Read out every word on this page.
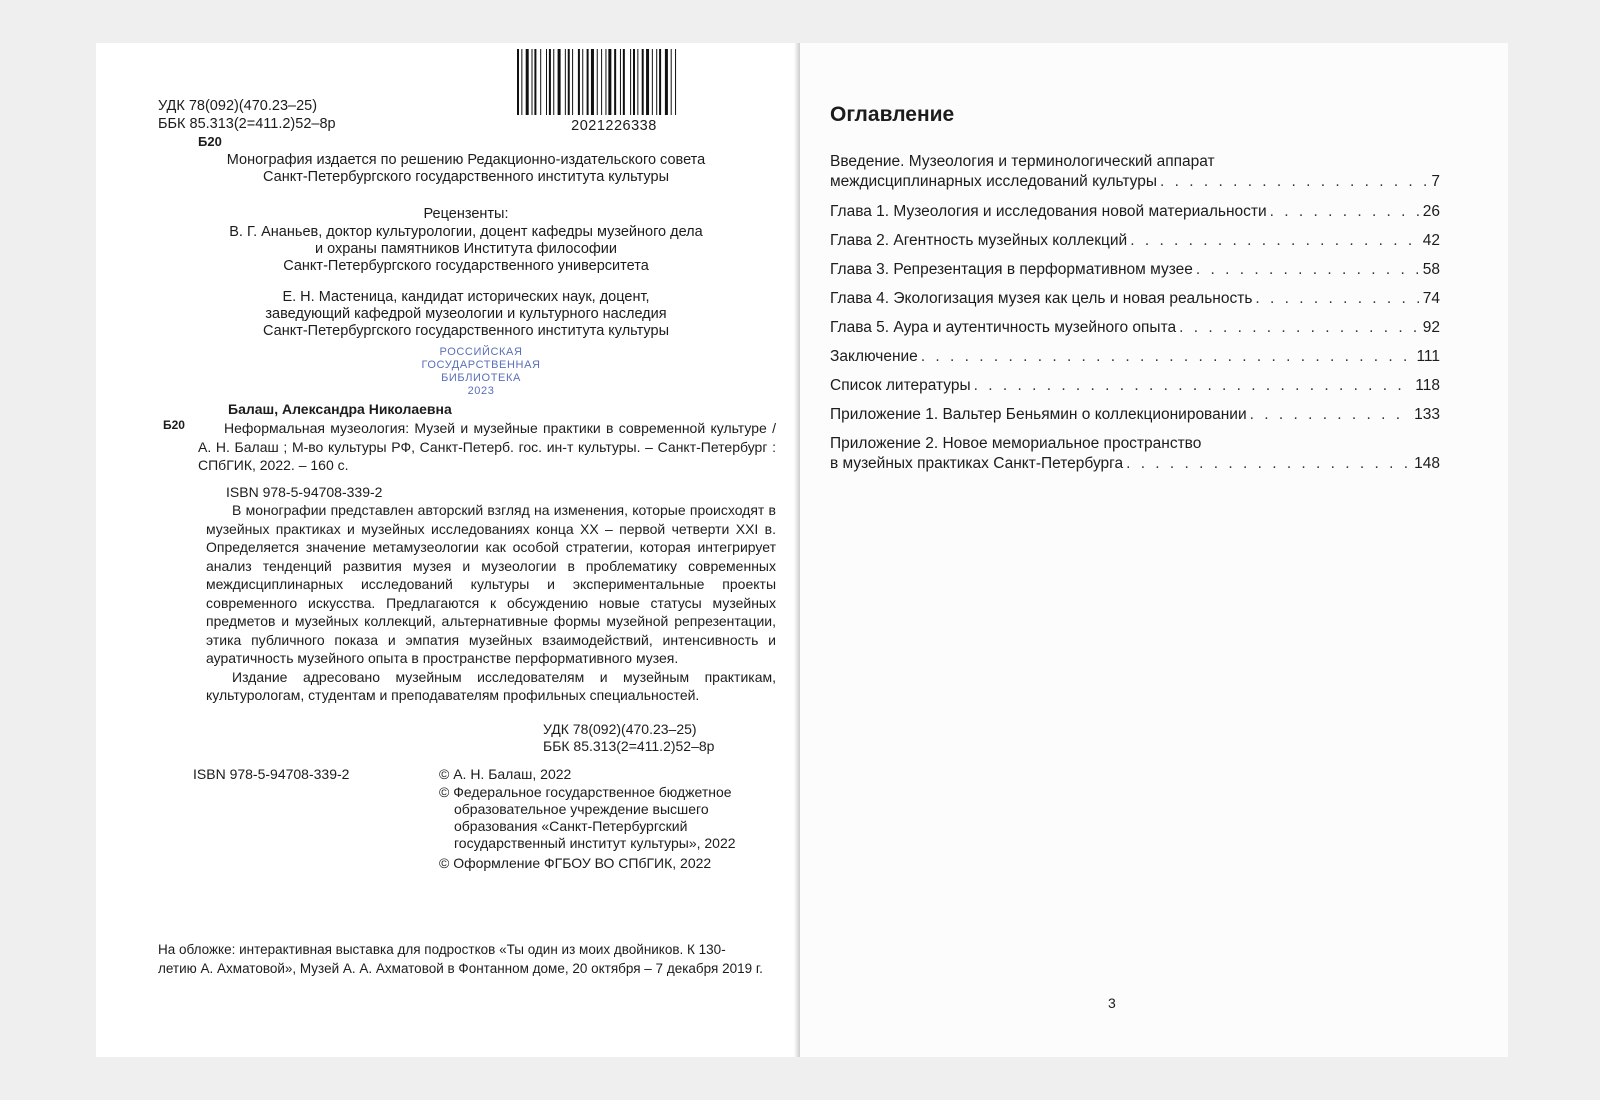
УДК 78(092)(470.23–25)
ББК 85.313(2=411.2)52–8р
Б20
2021226338
Монография издается по решению Редакционно-издательского совета
Санкт-Петербургского государственного института культуры
Рецензенты:
В. Г. Ананьев, доктор культурологии, доцент кафедры музейного дела
и охраны памятников Института философии
Санкт-Петербургского государственного университета
Е. Н. Мастеница, кандидат исторических наук, доцент,
заведующий кафедрой музеологии и культурного наследия
Санкт-Петербургского государственного института культуры
РОССИЙСКАЯ
ГОСУДАРСТВЕННАЯ
БИБЛИОТЕКА
2023
Балаш, Александра Николаевна
Б20	Неформальная музеология: Музей и музейные практики в современной культуре / А. Н. Балаш ; М-во культуры РФ, Санкт-Петерб. гос. ин-т культуры. – Санкт-Петербург : СПбГИК, 2022. – 160 с.
ISBN 978-5-94708-339-2

В монографии представлен авторский взгляд на изменения, которые происходят в музейных практиках и музейных исследованиях конца XX – первой четверти XXI в. Определяется значение метамузеологии как особой стратегии, которая интегрирует анализ тенденций развития музея и музеологии в проблематику современных междисциплинарных исследований культуры и экспериментальные проекты современного искусства. Предлагаются к обсуждению новые статусы музейных предметов и музейных коллекций, альтернативные формы музейной репрезентации, этика публичного показа и эмпатия музейных взаимодействий, интенсивность и ауратичность музейного опыта в пространстве перформативного музея.

Издание адресовано музейным исследователям и музейным практикам, культурологам, студентам и преподавателям профильных специальностей.

УДК 78(092)(470.23–25)
ББК 85.313(2=411.2)52–8р
ISBN 978-5-94708-339-2	© А. Н. Балаш, 2022
© Федеральное государственное бюджетное
образовательное учреждение высшего
образования «Санкт-Петербургский
государственный институт культуры», 2022
© Оформление ФГБОУ ВО СПбГИК, 2022
На обложке: интерактивная выставка для подростков «Ты один из моих двойников. К 130-
летию А. Ахматовой», Музей А. А. Ахматовой в Фонтанном доме, 20 октября – 7 декабря 2019 г.
Оглавление
Введение. Музеология и терминологический аппарат
междисциплинарных исследований культуры . . .	7
Глава 1. Музеология и исследования новой материальности . . .	26
Глава 2. Агентность музейных коллекций . . .	42
Глава 3. Репрезентация в перформативном музее . . .	58
Глава 4. Экологизация музея как цель и новая реальность . . .	74
Глава 5. Аура и аутентичность музейного опыта . . .	92
Заключение . . .	111
Список литературы . . .	118
Приложение 1. Вальтер Беньямин о коллекционировании . . .	133
Приложение 2. Новое мемориальное пространство
в музейных практиках Санкт-Петербурга . . .	148
3
